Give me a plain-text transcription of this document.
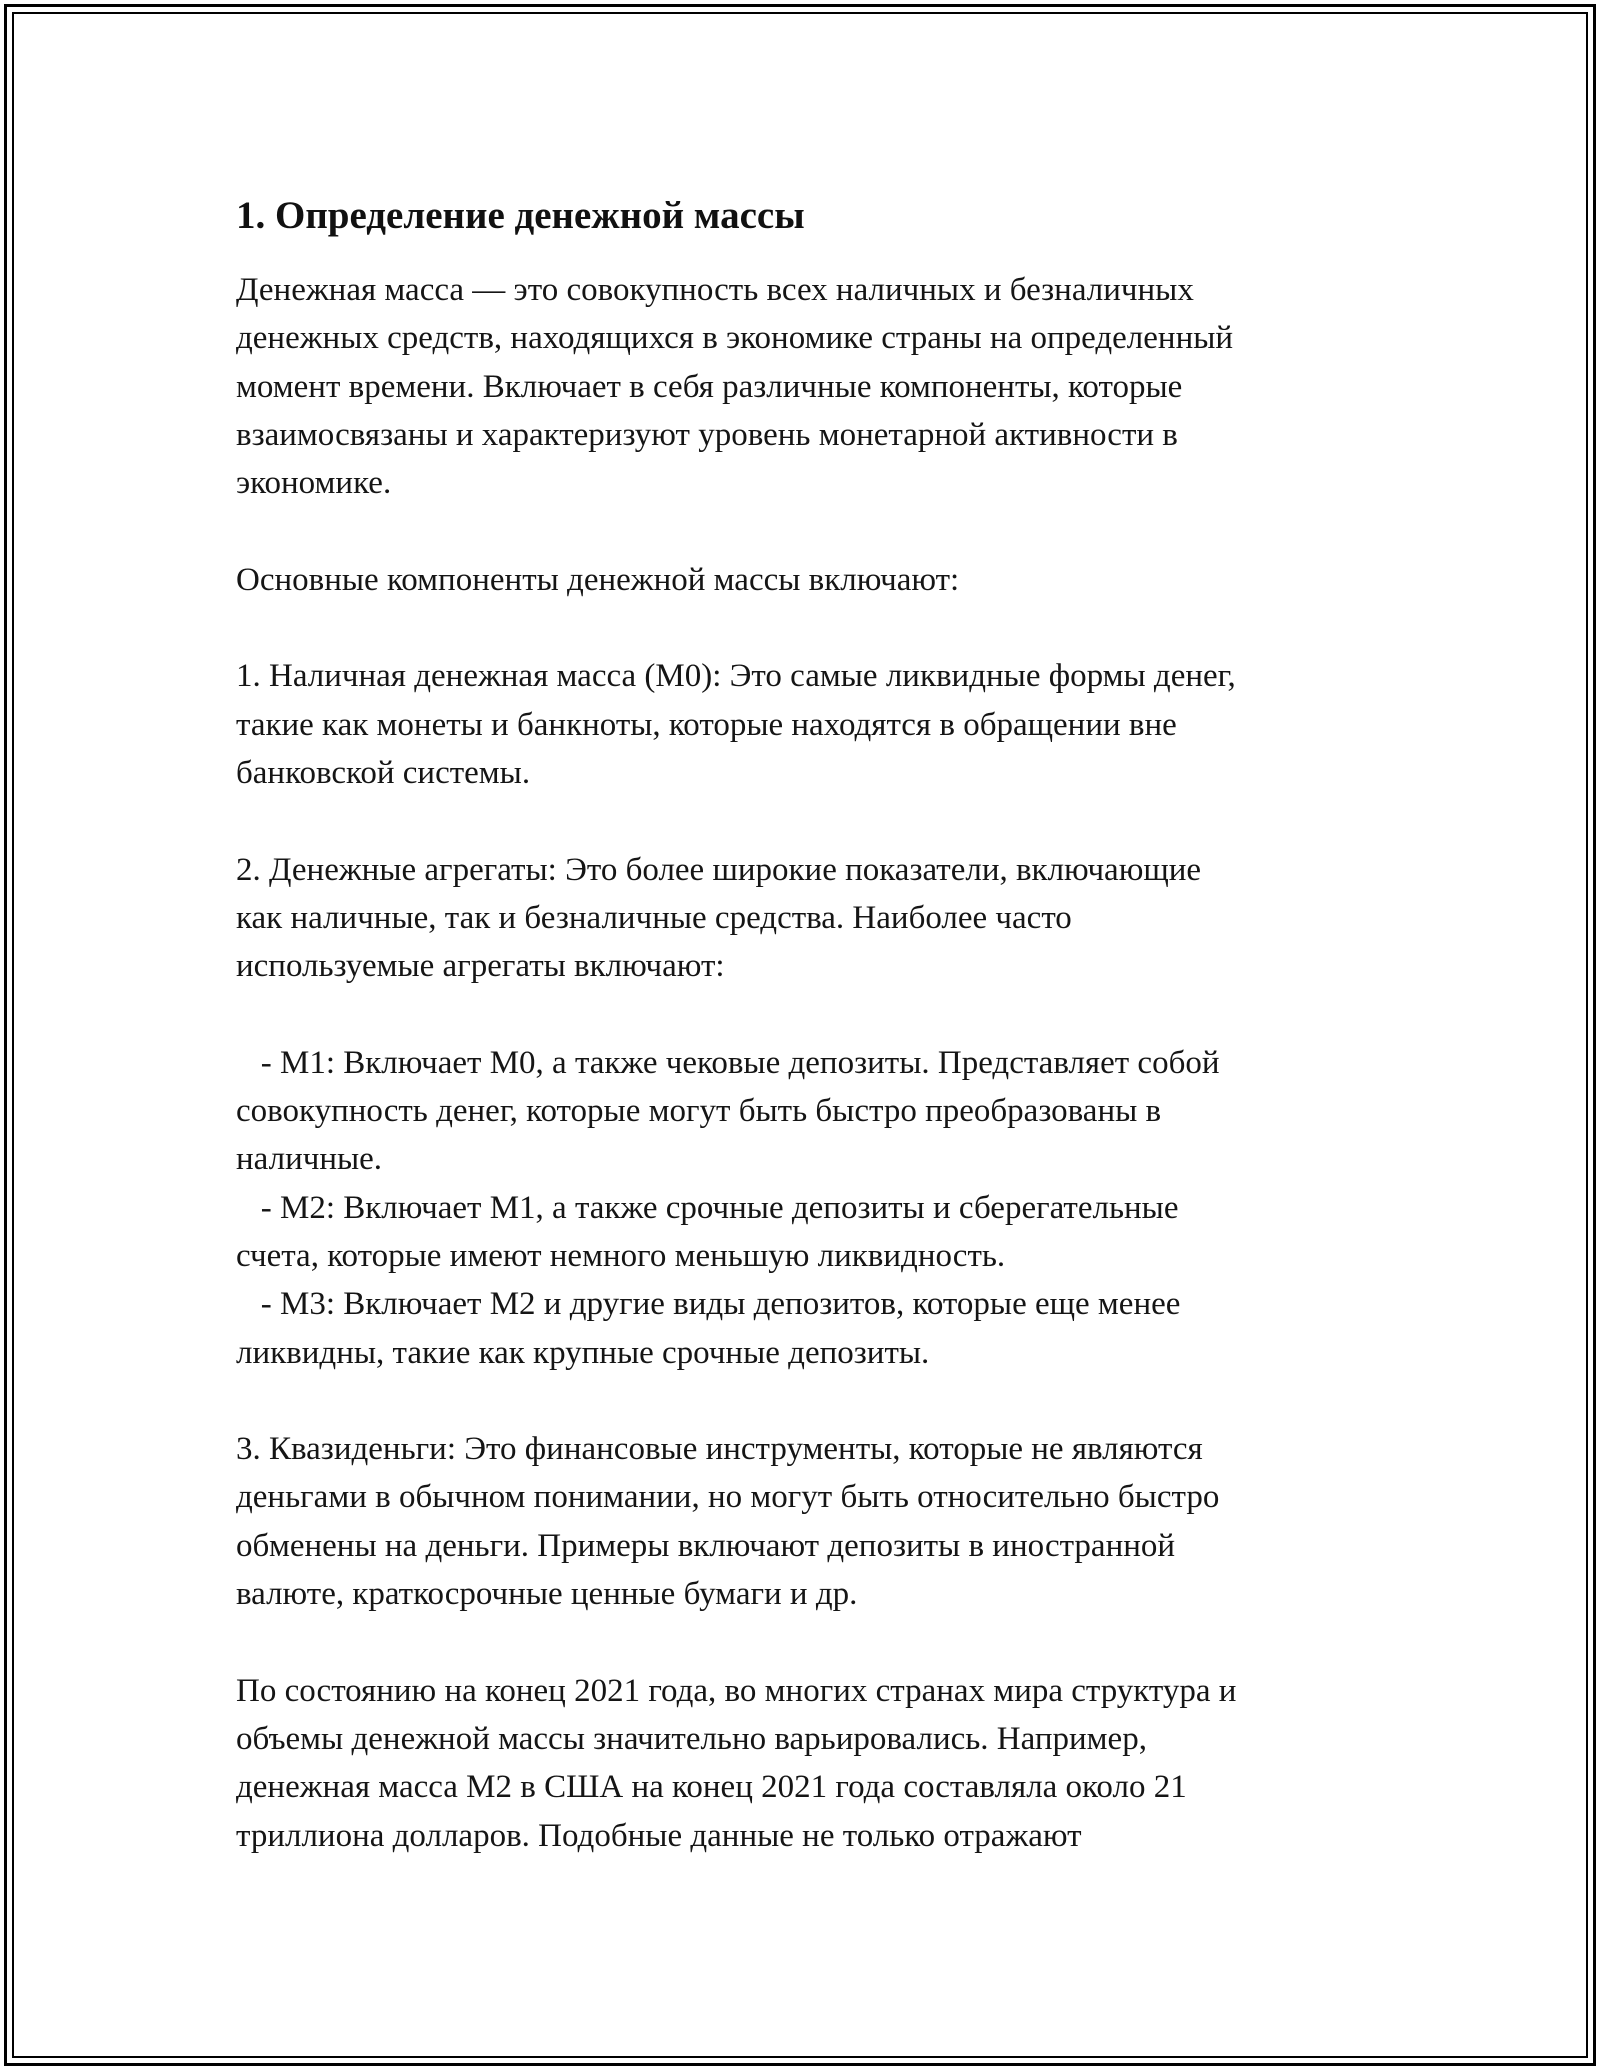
1. Определение денежной массы

Денежная масса — это совокупность всех наличных и безналичных
денежных средств, находящихся в экономике страны на определенный
момент времени. Включает в себя различные компоненты, которые
взаимосвязаны и характеризуют уровень монетарной активности в
экономике.

Основные компоненты денежной массы включают:

1. Наличная денежная масса (М0): Это самые ликвидные формы денег,
такие как монеты и банкноты, которые находятся в обращении вне
банковской системы.

2. Денежные агрегаты: Это более широкие показатели, включающие
как наличные, так и безналичные средства. Наиболее часто
используемые агрегаты включают:

- М1: Включает М0, а также чековые депозиты. Представляет собой
совокупность денег, которые могут быть быстро преобразованы в
наличные.
- М2: Включает М1, а также срочные депозиты и сберегательные
счета, которые имеют немного меньшую ликвидность.
- М3: Включает М2 и другие виды депозитов, которые еще менее
ликвидны, такие как крупные срочные депозиты.

3. Квазиденьги: Это финансовые инструменты, которые не являются
деньгами в обычном понимании, но могут быть относительно быстро
обменены на деньги. Примеры включают депозиты в иностранной
валюте, краткосрочные ценные бумаги и др.

По состоянию на конец 2021 года, во многих странах мира структура и
объемы денежной массы значительно варьировались. Например,
денежная масса М2 в США на конец 2021 года составляла около 21
триллиона долларов. Подобные данные не только отражают
